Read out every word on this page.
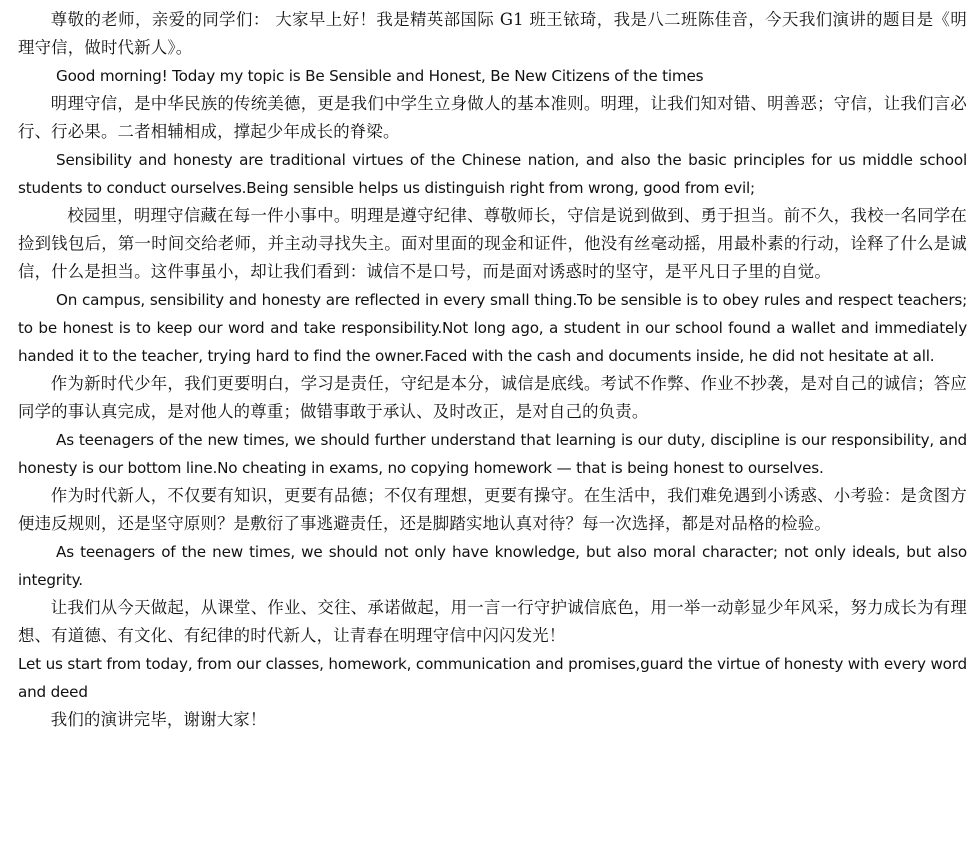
尊敬的老师，亲爱的同学们： 大家早上好！我是精英部国际 G1 班王铱琦，我是八二班陈佳音，今天我们演讲的题目是《明理守信，做时代新人》。

Good morning! Today my topic is Be Sensible and Honest, Be New Citizens of the times

明理守信，是中华民族的传统美德，更是我们中学生立身做人的基本准则。明理，让我们知对错、明善恶；守信，让我们言必行、行必果。二者相辅相成，撑起少年成长的脊梁。

Sensibility and honesty are traditional virtues of the Chinese nation, and also the basic principles for us middle school students to conduct ourselves.Being sensible helps us distinguish right from wrong, good from evil;

校园里，明理守信藏在每一件小事中。明理是遵守纪律、尊敬师长，守信是说到做到、勇于担当。前不久，我校一名同学在捡到钱包后，第一时间交给老师，并主动寻找失主。面对里面的现金和证件，他没有丝毫动摇，用最朴素的行动，诠释了什么是诚信，什么是担当。这件事虽小，却让我们看到：诚信不是口号，而是面对诱惑时的坚守，是平凡日子里的自觉。

On campus, sensibility and honesty are reflected in every small thing.To be sensible is to obey rules and respect teachers; to be honest is to keep our word and take responsibility.Not long ago, a student in our school found a wallet and immediately handed it to the teacher, trying hard to find the owner.Faced with the cash and documents inside, he did not hesitate at all.

作为新时代少年，我们更要明白，学习是责任，守纪是本分，诚信是底线。考试不作弊、作业不抄袭，是对自己的诚信；答应同学的事认真完成，是对他人的尊重；做错事敢于承认、及时改正，是对自己的负责。

As teenagers of the new times, we should further understand that learning is our duty, discipline is our responsibility, and honesty is our bottom line.No cheating in exams, no copying homework — that is being honest to ourselves.

作为时代新人，不仅要有知识，更要有品德；不仅有理想，更要有操守。在生活中，我们难免遇到小诱惑、小考验：是贪图方便违反规则，还是坚守原则？是敷衍了事逃避责任，还是脚踏实地认真对待？每一次选择，都是对品格的检验。

As teenagers of the new times, we should not only have knowledge, but also moral character; not only ideals, but also integrity.

让我们从今天做起，从课堂、作业、交往、承诺做起，用一言一行守护诚信底色，用一举一动彰显少年风采，努力成长为有理想、有道德、有文化、有纪律的时代新人，让青春在明理守信中闪闪发光！

Let us start from today, from our classes, homework, communication and promises,guard the virtue of honesty with every word and deed

我们的演讲完毕，谢谢大家！
